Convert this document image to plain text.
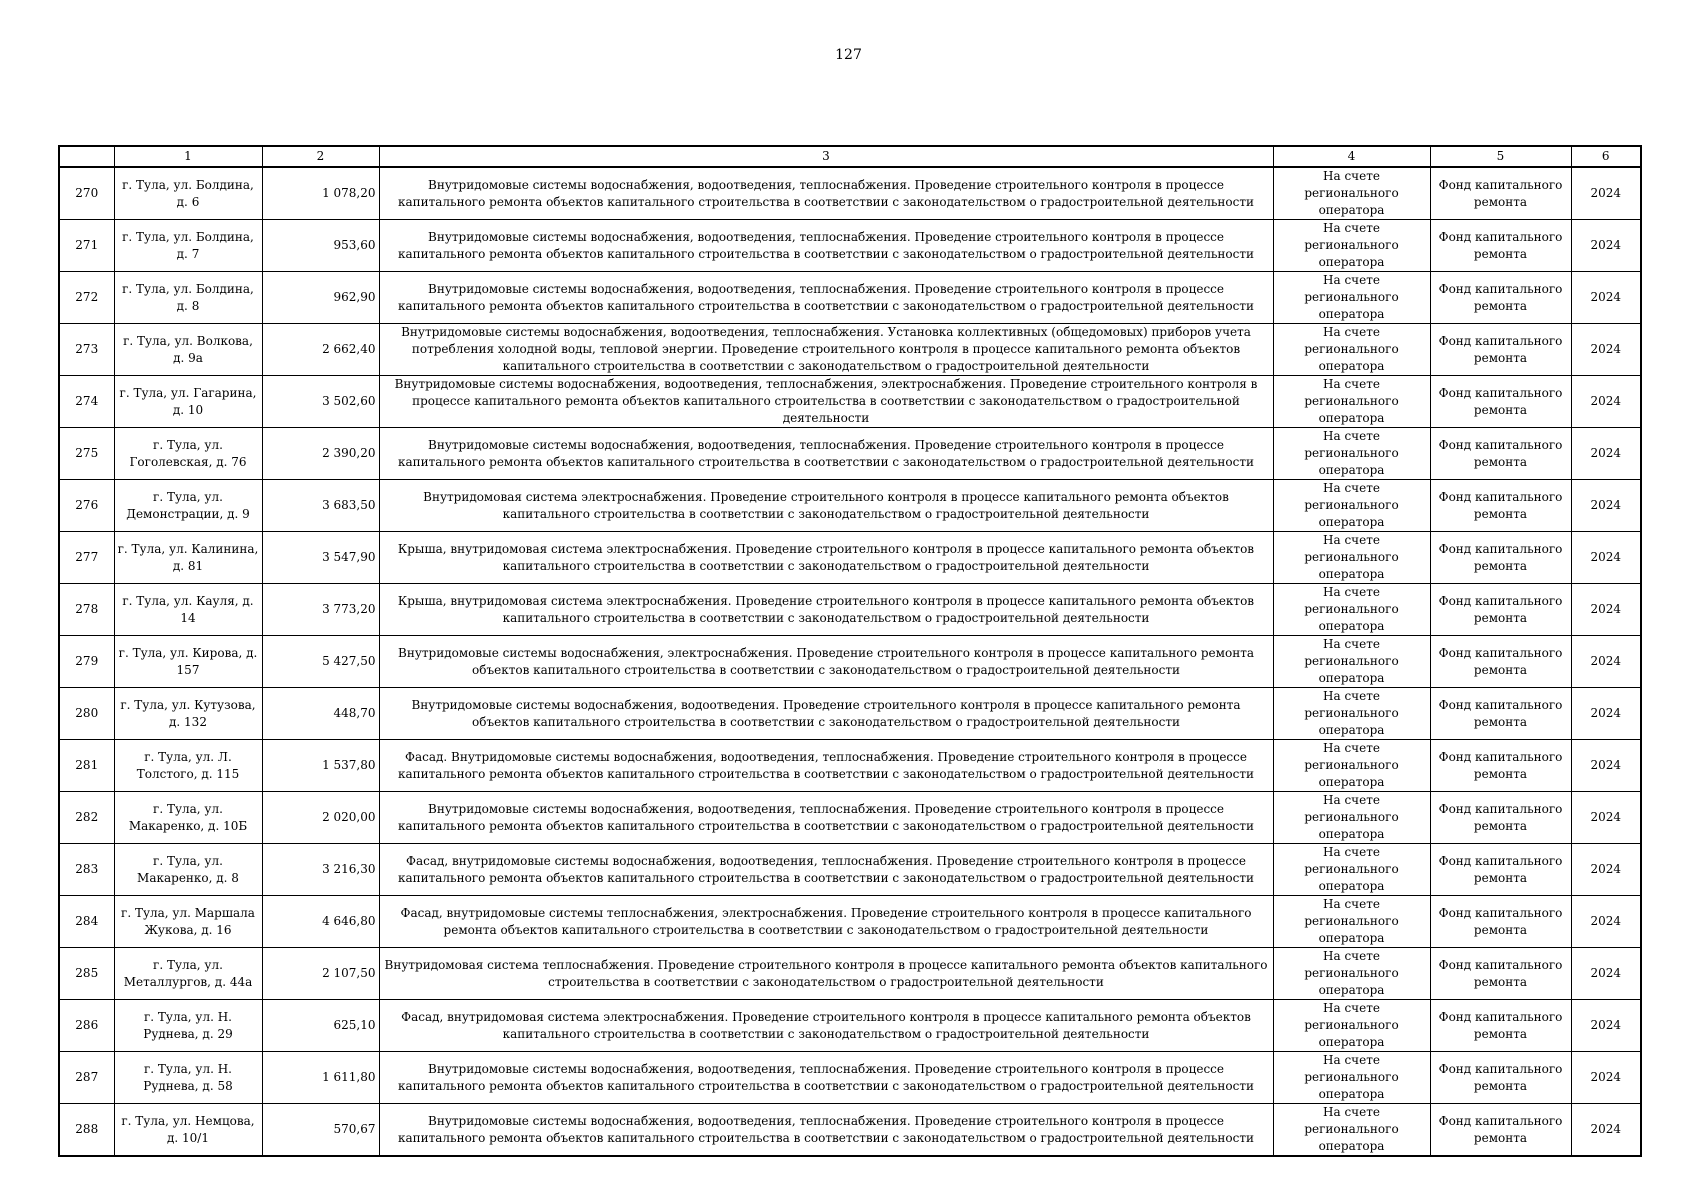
127
	1	2	3	4	5	6
270	г. Тула, ул. Болдина, д. 6	1 078,20	Внутридомовые системы водоснабжения, водоотведения, теплоснабжения. Проведение строительного контроля в процессе капитального ремонта объектов капитального строительства в соответствии с законодательством о градостроительной деятельности	На счете регионального оператора	Фонд капитального ремонта	2024
271	г. Тула, ул. Болдина, д. 7	953,60	Внутридомовые системы водоснабжения, водоотведения, теплоснабжения. Проведение строительного контроля в процессе капитального ремонта объектов капитального строительства в соответствии с законодательством о градостроительной деятельности	На счете регионального оператора	Фонд капитального ремонта	2024
272	г. Тула, ул. Болдина, д. 8	962,90	Внутридомовые системы водоснабжения, водоотведения, теплоснабжения. Проведение строительного контроля в процессе капитального ремонта объектов капитального строительства в соответствии с законодательством о градостроительной деятельности	На счете регионального оператора	Фонд капитального ремонта	2024
273	г. Тула, ул. Волкова, д. 9а	2 662,40	Внутридомовые системы водоснабжения, водоотведения, теплоснабжения. Установка коллективных (общедомовых) приборов учета потребления холодной воды, тепловой энергии. Проведение строительного контроля в процессе капитального ремонта объектов капитального строительства в соответствии с законодательством о градостроительной деятельности	На счете регионального оператора	Фонд капитального ремонта	2024
274	г. Тула, ул. Гагарина, д. 10	3 502,60	Внутридомовые системы водоснабжения, водоотведения, теплоснабжения, электроснабжения. Проведение строительного контроля в процессе капитального ремонта объектов капитального строительства в соответствии с законодательством о градостроительной деятельности	На счете регионального оператора	Фонд капитального ремонта	2024
275	г. Тула, ул. Гоголевская, д. 76	2 390,20	Внутридомовые системы водоснабжения, водоотведения, теплоснабжения. Проведение строительного контроля в процессе капитального ремонта объектов капитального строительства в соответствии с законодательством о градостроительной деятельности	На счете регионального оператора	Фонд капитального ремонта	2024
276	г. Тула, ул. Демонстрации, д. 9	3 683,50	Внутридомовая система электроснабжения. Проведение строительного контроля в процессе капитального ремонта объектов капитального строительства в соответствии с законодательством о градостроительной деятельности	На счете регионального оператора	Фонд капитального ремонта	2024
277	г. Тула, ул. Калинина, д. 81	3 547,90	Крыша, внутридомовая система электроснабжения. Проведение строительного контроля в процессе капитального ремонта объектов капитального строительства в соответствии с законодательством о градостроительной деятельности	На счете регионального оператора	Фонд капитального ремонта	2024
278	г. Тула, ул. Кауля, д. 14	3 773,20	Крыша, внутридомовая система электроснабжения. Проведение строительного контроля в процессе капитального ремонта объектов капитального строительства в соответствии с законодательством о градостроительной деятельности	На счете регионального оператора	Фонд капитального ремонта	2024
279	г. Тула, ул. Кирова, д. 157	5 427,50	Внутридомовые системы водоснабжения, электроснабжения. Проведение строительного контроля в процессе капитального ремонта объектов капитального строительства в соответствии с законодательством о градостроительной деятельности	На счете регионального оператора	Фонд капитального ремонта	2024
280	г. Тула, ул. Кутузова, д. 132	448,70	Внутридомовые системы водоснабжения, водоотведения. Проведение строительного контроля в процессе капитального ремонта объектов капитального строительства в соответствии с законодательством о градостроительной деятельности	На счете регионального оператора	Фонд капитального ремонта	2024
281	г. Тула, ул. Л. Толстого, д. 115	1 537,80	Фасад. Внутридомовые системы водоснабжения, водоотведения, теплоснабжения. Проведение строительного контроля в процессе капитального ремонта объектов капитального строительства в соответствии с законодательством о градостроительной деятельности	На счете регионального оператора	Фонд капитального ремонта	2024
282	г. Тула, ул. Макаренко, д. 10Б	2 020,00	Внутридомовые системы водоснабжения, водоотведения, теплоснабжения. Проведение строительного контроля в процессе капитального ремонта объектов капитального строительства в соответствии с законодательством о градостроительной деятельности	На счете регионального оператора	Фонд капитального ремонта	2024
283	г. Тула, ул. Макаренко, д. 8	3 216,30	Фасад, внутридомовые системы водоснабжения, водоотведения, теплоснабжения. Проведение строительного контроля в процессе капитального ремонта объектов капитального строительства в соответствии с законодательством о градостроительной деятельности	На счете регионального оператора	Фонд капитального ремонта	2024
284	г. Тула, ул. Маршала Жукова, д. 16	4 646,80	Фасад, внутридомовые системы теплоснабжения, электроснабжения. Проведение строительного контроля в процессе капитального ремонта объектов капитального строительства в соответствии с законодательством о градостроительной деятельности	На счете регионального оператора	Фонд капитального ремонта	2024
285	г. Тула, ул. Металлургов, д. 44а	2 107,50	Внутридомовая система теплоснабжения. Проведение строительного контроля в процессе капитального ремонта объектов капитального строительства в соответствии с законодательством о градостроительной деятельности	На счете регионального оператора	Фонд капитального ремонта	2024
286	г. Тула, ул. Н. Руднева, д. 29	625,10	Фасад, внутридомовая система электроснабжения. Проведение строительного контроля в процессе капитального ремонта объектов капитального строительства в соответствии с законодательством о градостроительной деятельности	На счете регионального оператора	Фонд капитального ремонта	2024
287	г. Тула, ул. Н. Руднева, д. 58	1 611,80	Внутридомовые системы водоснабжения, водоотведения, теплоснабжения. Проведение строительного контроля в процессе капитального ремонта объектов капитального строительства в соответствии с законодательством о градостроительной деятельности	На счете регионального оператора	Фонд капитального ремонта	2024
288	г. Тула, ул. Немцова, д. 10/1	570,67	Внутридомовые системы водоснабжения, водоотведения, теплоснабжения. Проведение строительного контроля в процессе капитального ремонта объектов капитального строительства в соответствии с законодательством о градостроительной деятельности	На счете регионального оператора	Фонд капитального ремонта	2024
